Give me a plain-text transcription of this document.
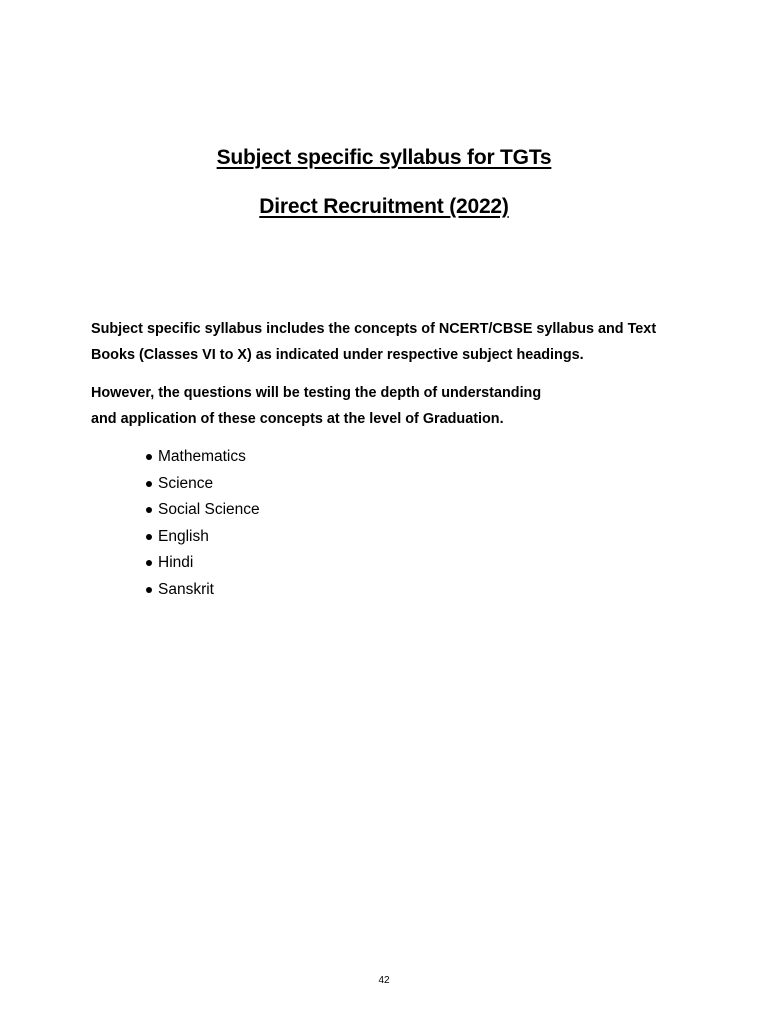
Subject specific syllabus for TGTs
Direct Recruitment (2022)

Subject specific syllabus includes the concepts of NCERT/CBSE syllabus and Text Books (Classes VI to X) as indicated under respective subject headings.

However, the questions will be testing the depth of understanding
and application of these concepts at the level of Graduation.

Mathematics
Science
Social Science
English
Hindi
Sanskrit
42
